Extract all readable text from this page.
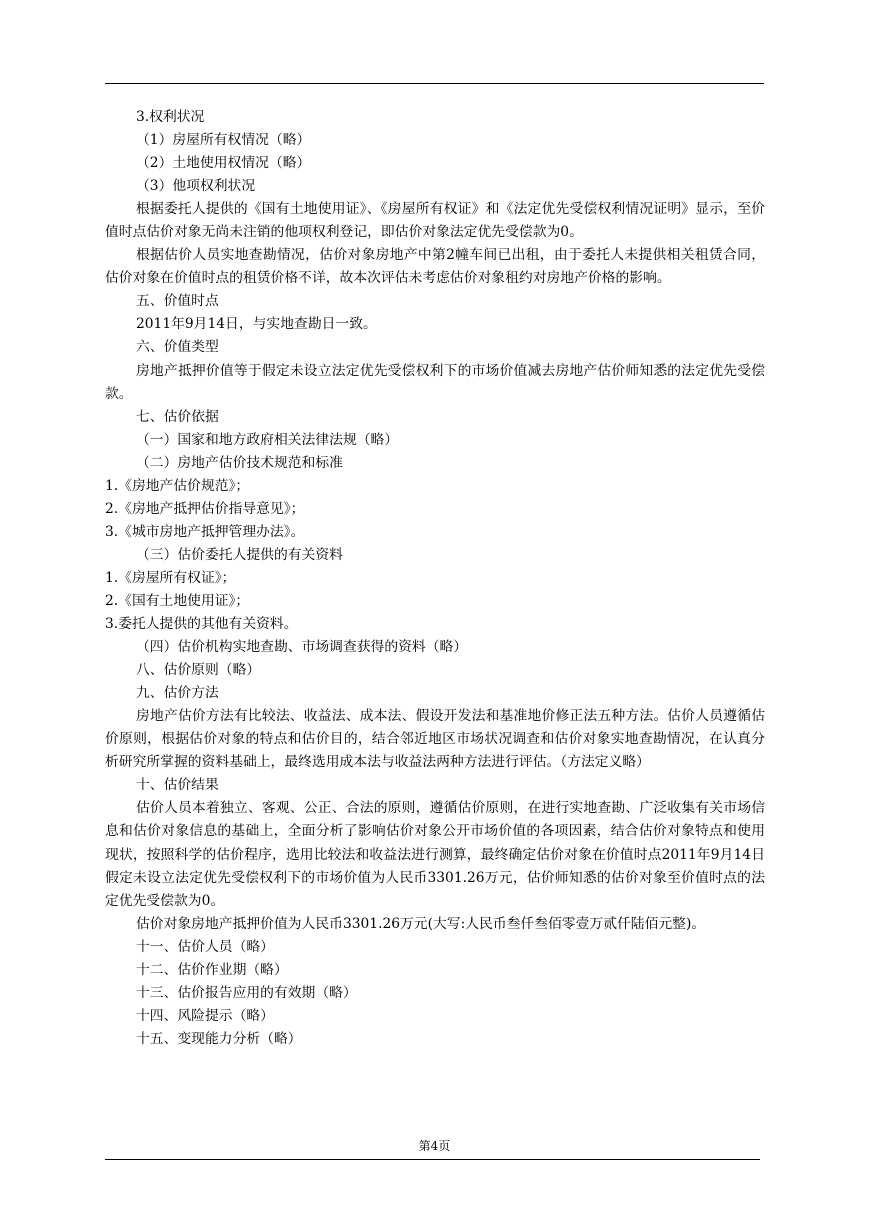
3.权利状况

（1）房屋所有权情况（略）

（2）土地使用权情况（略）

（3）他项权利状况

根据委托人提供的《国有土地使用证》、《房屋所有权证》和《法定优先受偿权利情况证明》显示，至价值时点估价对象无尚未注销的他项权利登记，即估价对象法定优先受偿款为0。

根据估价人员实地查勘情况，估价对象房地产中第2幢车间已出租，由于委托人未提供相关租赁合同，估价对象在价值时点的租赁价格不详，故本次评估未考虑估价对象租约对房地产价格的影响。

五、价值时点

2011年9月14日，与实地查勘日一致。

六、价值类型

房地产抵押价值等于假定未设立法定优先受偿权利下的市场价值减去房地产估价师知悉的法定优先受偿款。

七、估价依据

（一）国家和地方政府相关法律法规（略）

（二）房地产估价技术规范和标准

1.《房地产估价规范》；

2.《房地产抵押估价指导意见》；

3.《城市房地产抵押管理办法》。

（三）估价委托人提供的有关资料

1.《房屋所有权证》；

2.《国有土地使用证》；

3.委托人提供的其他有关资料。

（四）估价机构实地查勘、市场调查获得的资料（略）

八、估价原则（略）

九、估价方法

房地产估价方法有比较法、收益法、成本法、假设开发法和基准地价修正法五种方法。估价人员遵循估价原则，根据估价对象的特点和估价目的，结合邻近地区市场状况调查和估价对象实地查勘情况，在认真分析研究所掌握的资料基础上，最终选用成本法与收益法两种方法进行评估。（方法定义略）

十、估价结果

估价人员本着独立、客观、公正、合法的原则，遵循估价原则，在进行实地查勘、广泛收集有关市场信息和估价对象信息的基础上，全面分析了影响估价对象公开市场价值的各项因素，结合估价对象特点和使用现状，按照科学的估价程序，选用比较法和收益法进行测算，最终确定估价对象在价值时点2011年9月14日假定未设立法定优先受偿权利下的市场价值为人民币3301.26万元，估价师知悉的估价对象至价值时点的法定优先受偿款为0。

估价对象房地产抵押价值为人民币3301.26万元(大写:人民币叁仟叁佰零壹万贰仟陆佰元整)。

十一、估价人员（略）

十二、估价作业期（略）

十三、估价报告应用的有效期（略）

十四、风险提示（略）

十五、变现能力分析（略）

第4页
